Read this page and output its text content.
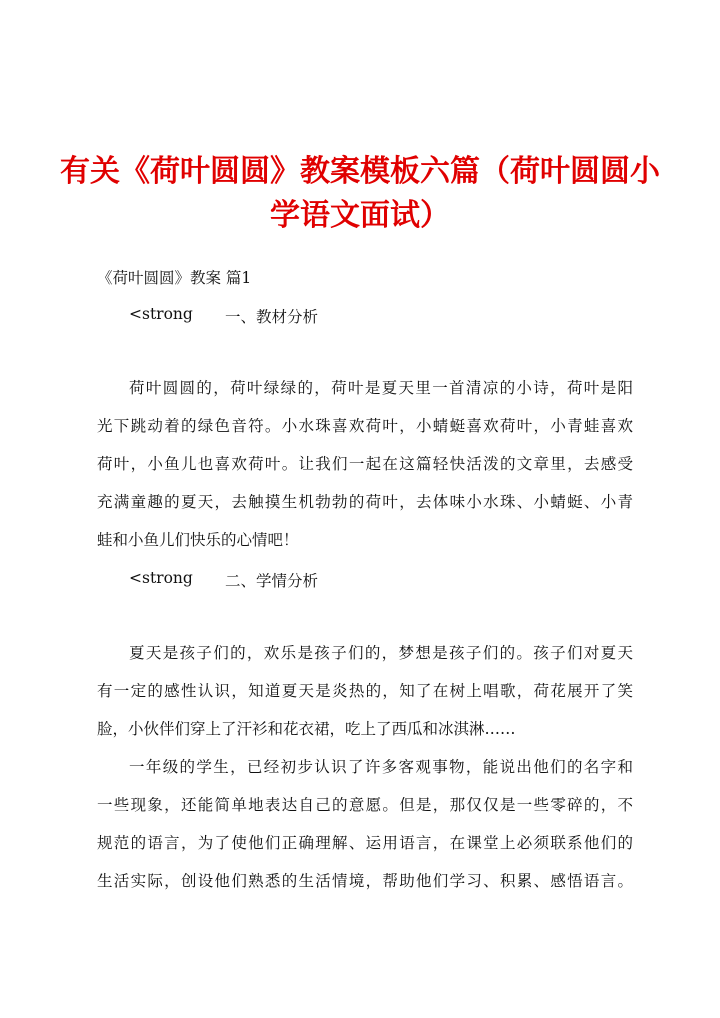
有关《荷叶圆圆》教案模板六篇（荷叶圆圆小
学语文面试）
《荷叶圆圆》教案 篇1
<strong 一、教材分析
荷叶圆圆的，荷叶绿绿的，荷叶是夏天里一首清凉的小诗，荷叶是阳
光下跳动着的绿色音符。小水珠喜欢荷叶，小蜻蜓喜欢荷叶，小青蛙喜欢
荷叶，小鱼儿也喜欢荷叶。让我们一起在这篇轻快活泼的文章里，去感受
充满童趣的夏天，去触摸生机勃勃的荷叶，去体味小水珠、小蜻蜓、小青
蛙和小鱼儿们快乐的心情吧！
<strong 二、学情分析
夏天是孩子们的，欢乐是孩子们的，梦想是孩子们的。孩子们对夏天
有一定的感性认识，知道夏天是炎热的，知了在树上唱歌，荷花展开了笑
脸，小伙伴们穿上了汗衫和花衣裙，吃上了西瓜和冰淇淋……
一年级的学生，已经初步认识了许多客观事物，能说出他们的名字和
一些现象，还能简单地表达自己的意愿。但是，那仅仅是一些零碎的，不
规范的语言，为了使他们正确理解、运用语言，在课堂上必须联系他们的
生活实际，创设他们熟悉的生活情境，帮助他们学习、积累、感悟语言。
